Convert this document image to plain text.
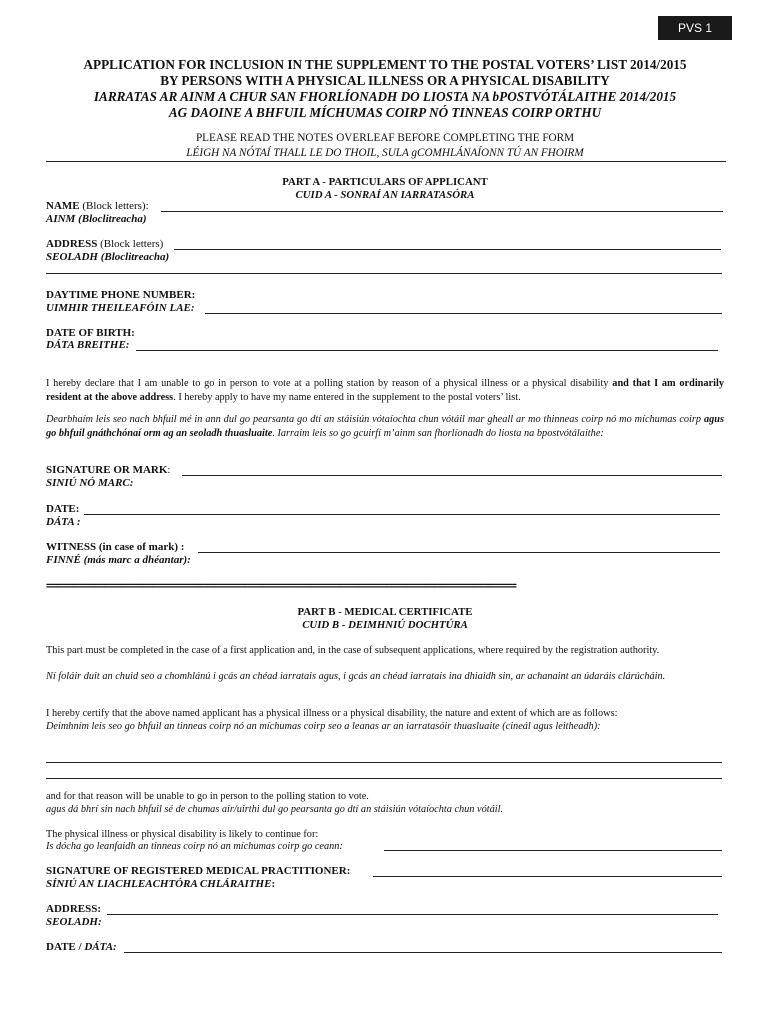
PVS 1
APPLICATION FOR INCLUSION IN THE SUPPLEMENT TO THE POSTAL VOTERS’ LIST 2014/2015
BY PERSONS WITH A PHYSICAL ILLNESS OR A PHYSICAL DISABILITY
IARRATAS AR AINM A CHUR SAN FHORLÍONADH DO LIOSTA NA bPOSTVÓTÁLAITHE 2014/2015
AG DAOINE A BHFUIL MÍCHUMAS COIRP NÓ TINNEAS COIRP ORTHU
PLEASE READ THE NOTES OVERLEAF BEFORE COMPLETING THE FORM
LÉIGH NA NÓTAÍ THALL LE DO THOIL, SULA gCOMHLÁNAÍONN TÚ AN FHOIRM
PART A - PARTICULARS OF APPLICANT
CUID A - SONRAÍ AN IARRATASÓRA
NAME (Block letters):
AINM (Bloclitreacha)
ADDRESS (Block letters)
SEOLADH (Bloclitreacha)
DAYTIME PHONE NUMBER:
UIMHIR THEILEAFÓIN LAE:
DATE OF BIRTH:
DÁTA BREITHE:
I hereby declare that I am unable to go in person to vote at a polling station by reason of a physical illness or a physical disability and that I am ordinarily resident at the above address. I hereby apply to have my name entered in the supplement to the postal voters’ list.
Dearbhaím leis seo nach bhfuil mé in ann dul go pearsanta go dtí an stáisiún vótaíochta chun vótáil mar gheall ar mo thinneas coirp nó mo míchumas coirp agus go bhfuil gnáthchónaí orm ag an seoladh thuasluaite. Iarraim leis so go gcuirfí m’ainm san fhorlíonadh do liosta na bpostvótálaithe:
SIGNATURE OR MARK:
SINIÚ NÓ MARC:
DATE:
DÁTA :
WITNESS (in case of mark) :
FINNÉ (más marc a dhéantar):
=========================================================================================
PART B - MEDICAL CERTIFICATE
CUID B - DEIMHNIÚ DOCHTÚRA
This part must be completed in the case of a first application and, in the case of subsequent applications, where required by the registration authority.
Ní foláir duit an chuid seo a chomhlánú i gcás an chéad iarratais agus, i gcás an chéad iarratais ina dhiaidh sin, ar achanaint an údaráis clárúcháin.
I hereby certify that the above named applicant has a physical illness or a physical disability, the nature and extent of which are as follows:
Deimhním leis seo go bhfuil an tinneas coirp nó an míchumas coirp seo a leanas ar an iarratasóir thuasluaite (cineál agus leitheadh):
and for that reason will be unable to go in person to the polling station to vote.
agus dá bhrí sin nach bhfuil sé de chumas air/uirthi dul go pearsanta go dtí an stáisiún vótaíochta chun vótáil.
The physical illness or physical disability is likely to continue for:
Is dócha go leanfaidh an tinneas coirp nó an míchumas coirp go ceann:
SIGNATURE OF REGISTERED MEDICAL PRACTITIONER:
SÍNIÚ AN LIACHLEACHTÓRA CHLÁRAITHE:
ADDRESS:
SEOLADH:
DATE / DÁTA:
